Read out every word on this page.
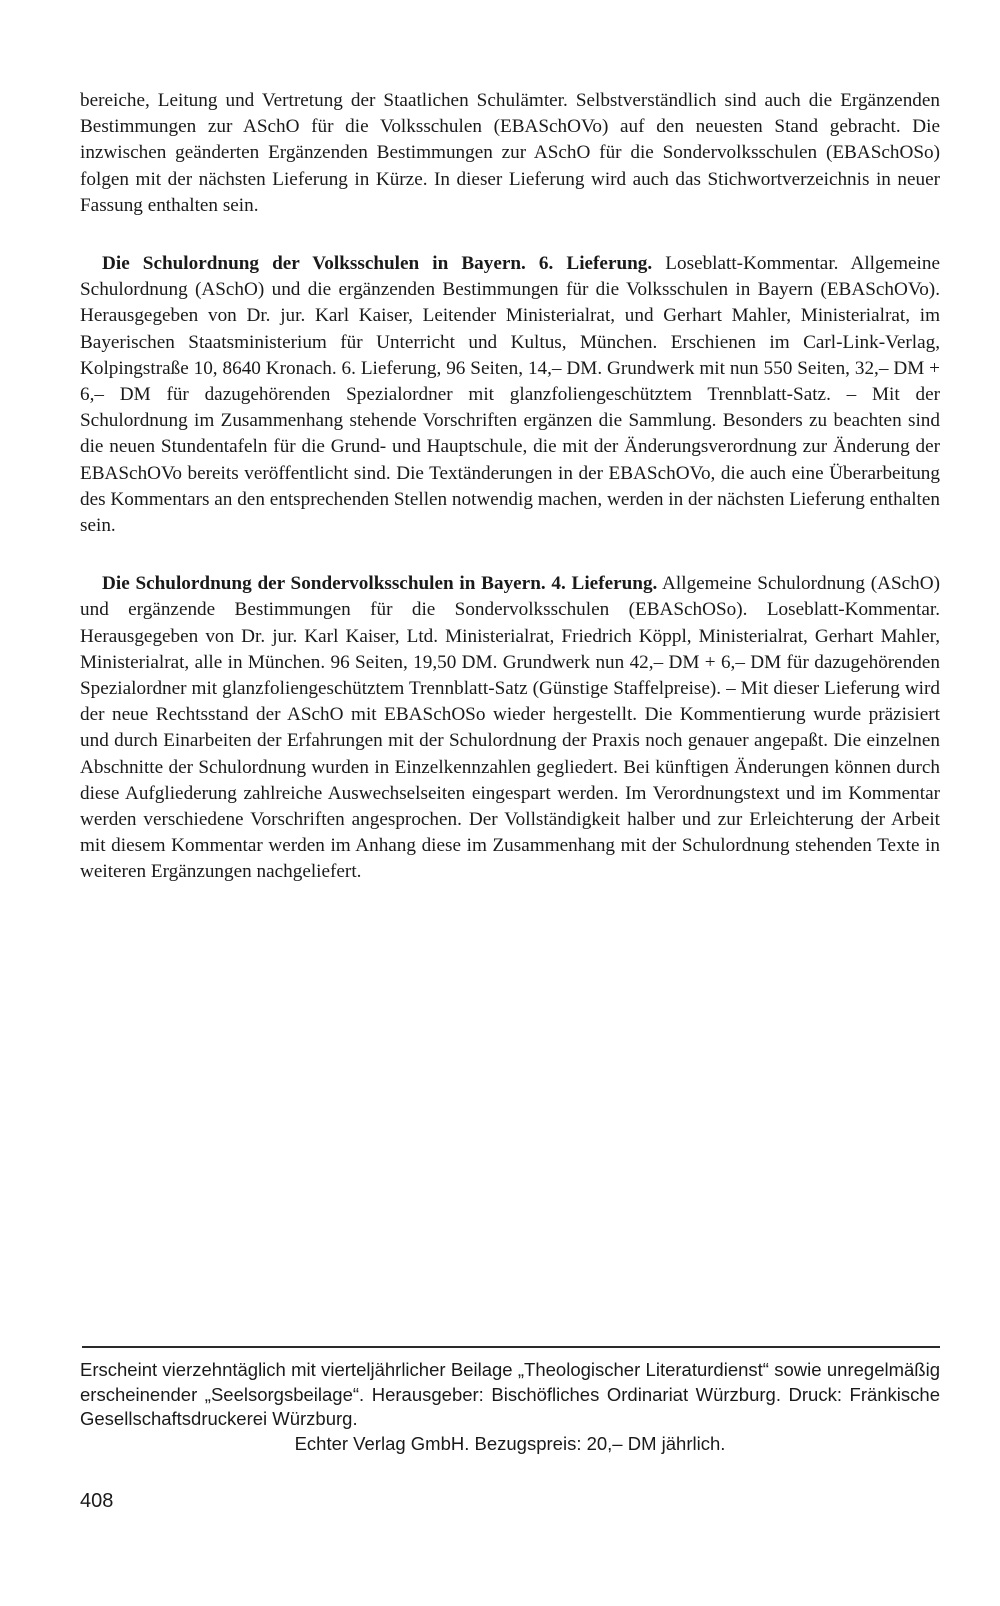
bereiche, Leitung und Vertretung der Staatlichen Schulämter. Selbstverständlich sind auch die Ergänzenden Bestimmungen zur ASchO für die Volksschulen (EBASchOVo) auf den neuesten Stand gebracht. Die inzwischen geänderten Ergänzenden Bestimmungen zur ASchO für die Sondervolksschulen (EBASchOSo) folgen mit der nächsten Lieferung in Kürze. In dieser Lieferung wird auch das Stichwortverzeichnis in neuer Fassung enthalten sein.

Die Schulordnung der Volksschulen in Bayern. 6. Lieferung. Loseblatt-Kommentar. Allgemeine Schulordnung (ASchO) und die ergänzenden Bestimmungen für die Volksschulen in Bayern (EBASchOVo). Herausgegeben von Dr. jur. Karl Kaiser, Leitender Ministerialrat, und Gerhart Mahler, Ministerialrat, im Bayerischen Staatsministerium für Unterricht und Kultus, München. Erschienen im Carl-Link-Verlag, Kolpingstraße 10, 8640 Kronach. 6. Lieferung, 96 Seiten, 14,– DM. Grundwerk mit nun 550 Seiten, 32,– DM + 6,– DM für dazugehörenden Spezialordner mit glanzfoliengeschütztem Trennblatt-Satz. – Mit der Schulordnung im Zusammenhang stehende Vorschriften ergänzen die Sammlung. Besonders zu beachten sind die neuen Stundentafeln für die Grund- und Hauptschule, die mit der Änderungsverordnung zur Änderung der EBASchOVo bereits veröffentlicht sind. Die Textänderungen in der EBASchOVo, die auch eine Überarbeitung des Kommentars an den entsprechenden Stellen notwendig machen, werden in der nächsten Lieferung enthalten sein.

Die Schulordnung der Sondervolksschulen in Bayern. 4. Lieferung. Allgemeine Schulordnung (ASchO) und ergänzende Bestimmungen für die Sondervolksschulen (EBASchOSo). Loseblatt-Kommentar. Herausgegeben von Dr. jur. Karl Kaiser, Ltd. Ministerialrat, Friedrich Köppl, Ministerialrat, Gerhart Mahler, Ministerialrat, alle in München. 96 Seiten, 19,50 DM. Grundwerk nun 42,– DM + 6,– DM für dazugehörenden Spezialordner mit glanzfoliengeschütztem Trennblatt-Satz (Günstige Staffelpreise). – Mit dieser Lieferung wird der neue Rechtsstand der ASchO mit EBASchOSo wieder hergestellt. Die Kommentierung wurde präzisiert und durch Einarbeiten der Erfahrungen mit der Schulordnung der Praxis noch genauer angepaßt. Die einzelnen Abschnitte der Schulordnung wurden in Einzelkennzahlen gegliedert. Bei künftigen Änderungen können durch diese Aufgliederung zahlreiche Auswechselseiten eingespart werden. Im Verordnungstext und im Kommentar werden verschiedene Vorschriften angesprochen. Der Vollständigkeit halber und zur Erleichterung der Arbeit mit diesem Kommentar werden im Anhang diese im Zusammenhang mit der Schulordnung stehenden Texte in weiteren Ergänzungen nachgeliefert.

Erscheint vierzehntäglich mit vierteljährlicher Beilage „Theologischer Literaturdienst“ sowie unregelmäßig erscheinender „Seelsorgsbeilage“. Herausgeber: Bischöfliches Ordinariat Würzburg. Druck: Fränkische Gesellschaftsdruckerei Würzburg.
Echter Verlag GmbH. Bezugspreis: 20,– DM jährlich.
408
